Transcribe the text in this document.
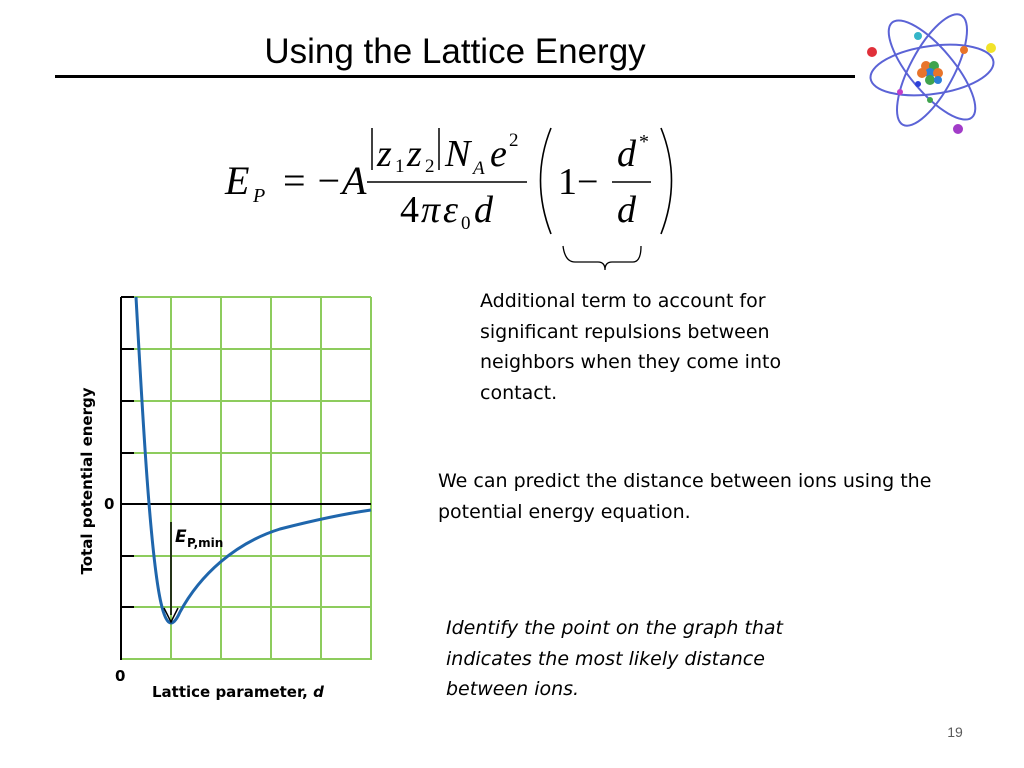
Using the Lattice Energy
E P = −A
z 1 z 2 N A e 2
4 π ε 0 d
1−
d *
d
Additional term to account for
significant repulsions between
neighbors when they come into
contact.
We can predict the distance between ions using the
potential energy equation.
Identify the point on the graph that
indicates the most likely distance
between ions.
E P,min
0
0
Lattice parameter, d
Total potential energy
19
